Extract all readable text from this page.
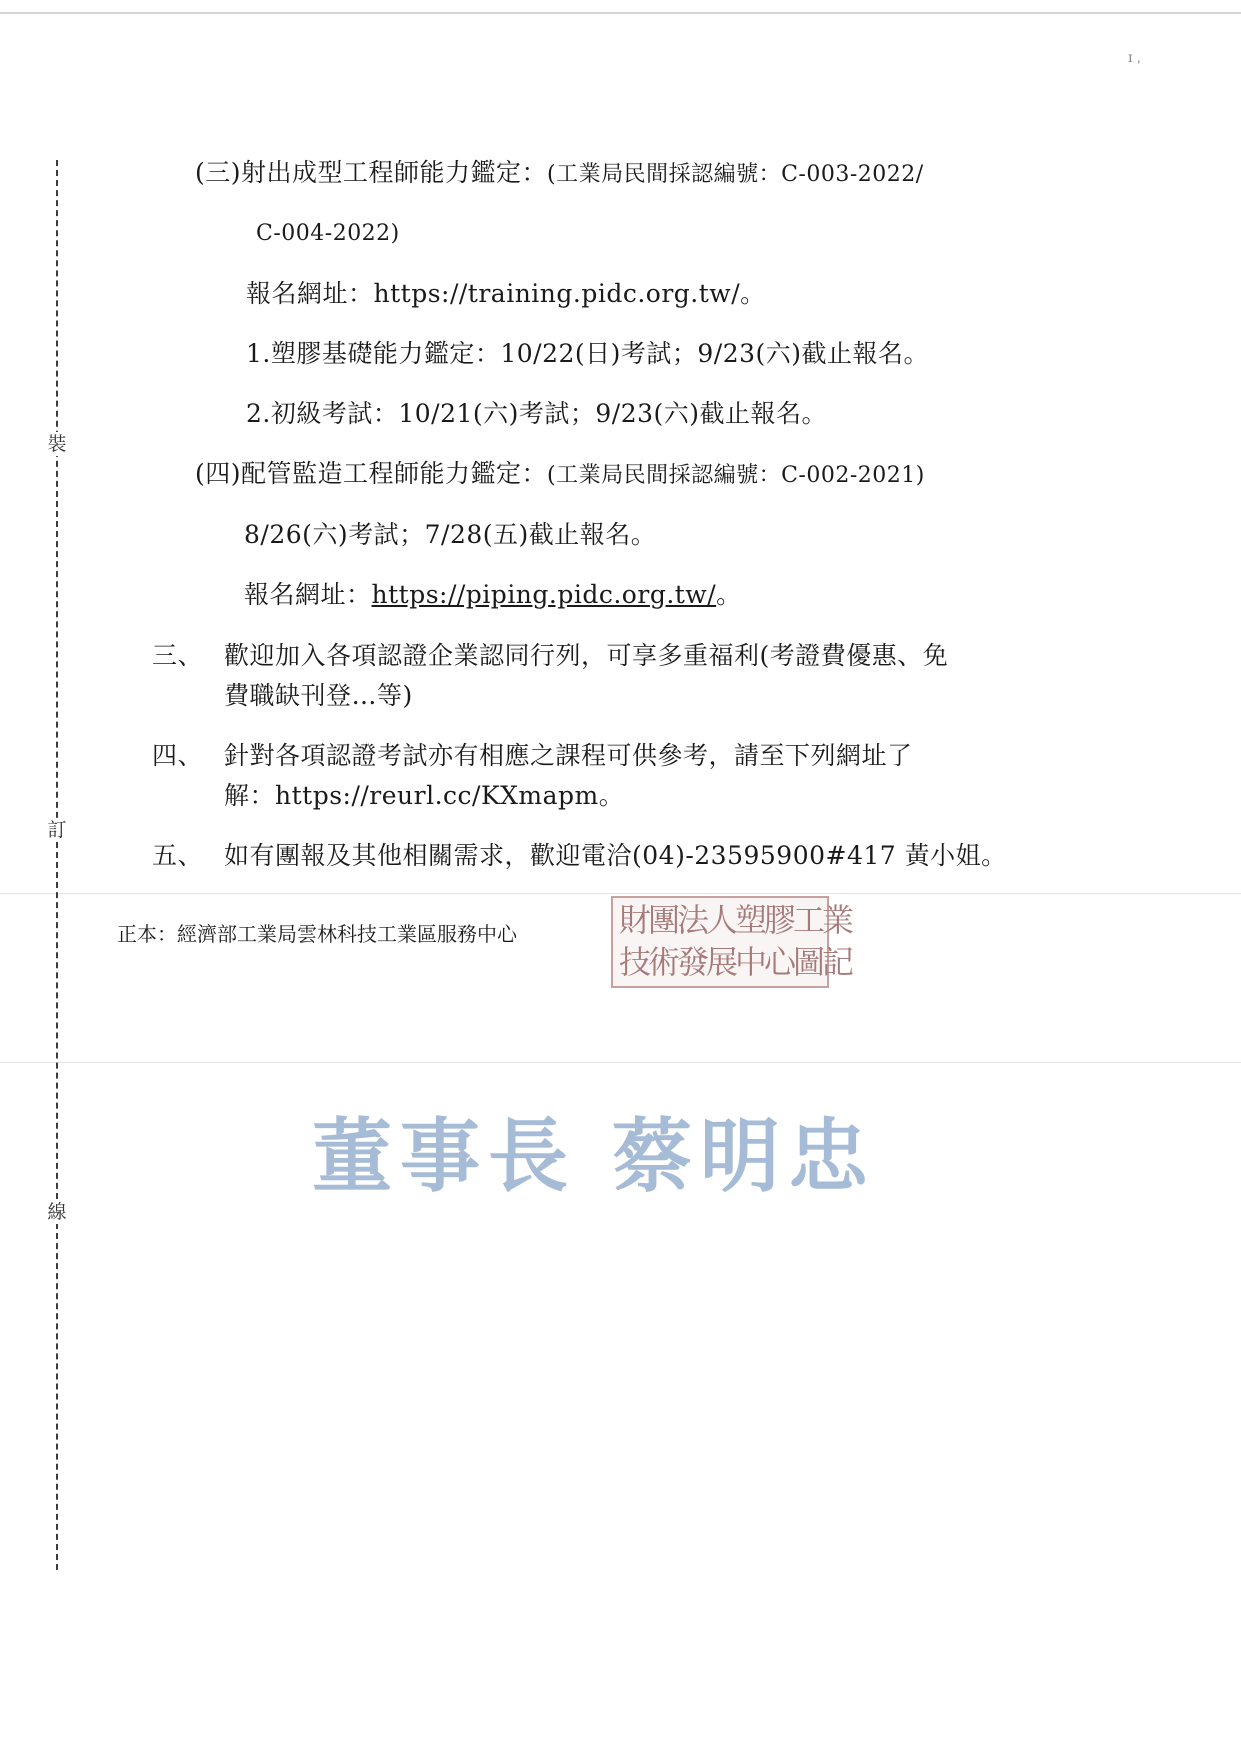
ɪ ˌ
裝
訂
線
(三)射出成型工程師能力鑑定：(工業局民間採認編號：C-003-2022/
C-004-2022)
報名網址：https://training.pidc.org.tw/。
1.塑膠基礎能力鑑定：10/22(日)考試；9/23(六)截止報名。
2.初級考試：10/21(六)考試；9/23(六)截止報名。
(四)配管監造工程師能力鑑定：(工業局民間採認編號：C-002-2021)
8/26(六)考試；7/28(五)截止報名。
報名網址：https://piping.pidc.org.tw/。
三、 歡迎加入各項認證企業認同行列，可享多重福利(考證費優惠、免
費職缺刊登…等)
四、 針對各項認證考試亦有相應之課程可供參考，請至下列網址了
解：https://reurl.cc/KXmapm。
五、 如有團報及其他相關需求，歡迎電洽(04)-23595900#417 黃小姐。
正本：經濟部工業局雲林科技工業區服務中心	財團法人塑膠工業
技術發展中心圖記
董事長 蔡明忠
